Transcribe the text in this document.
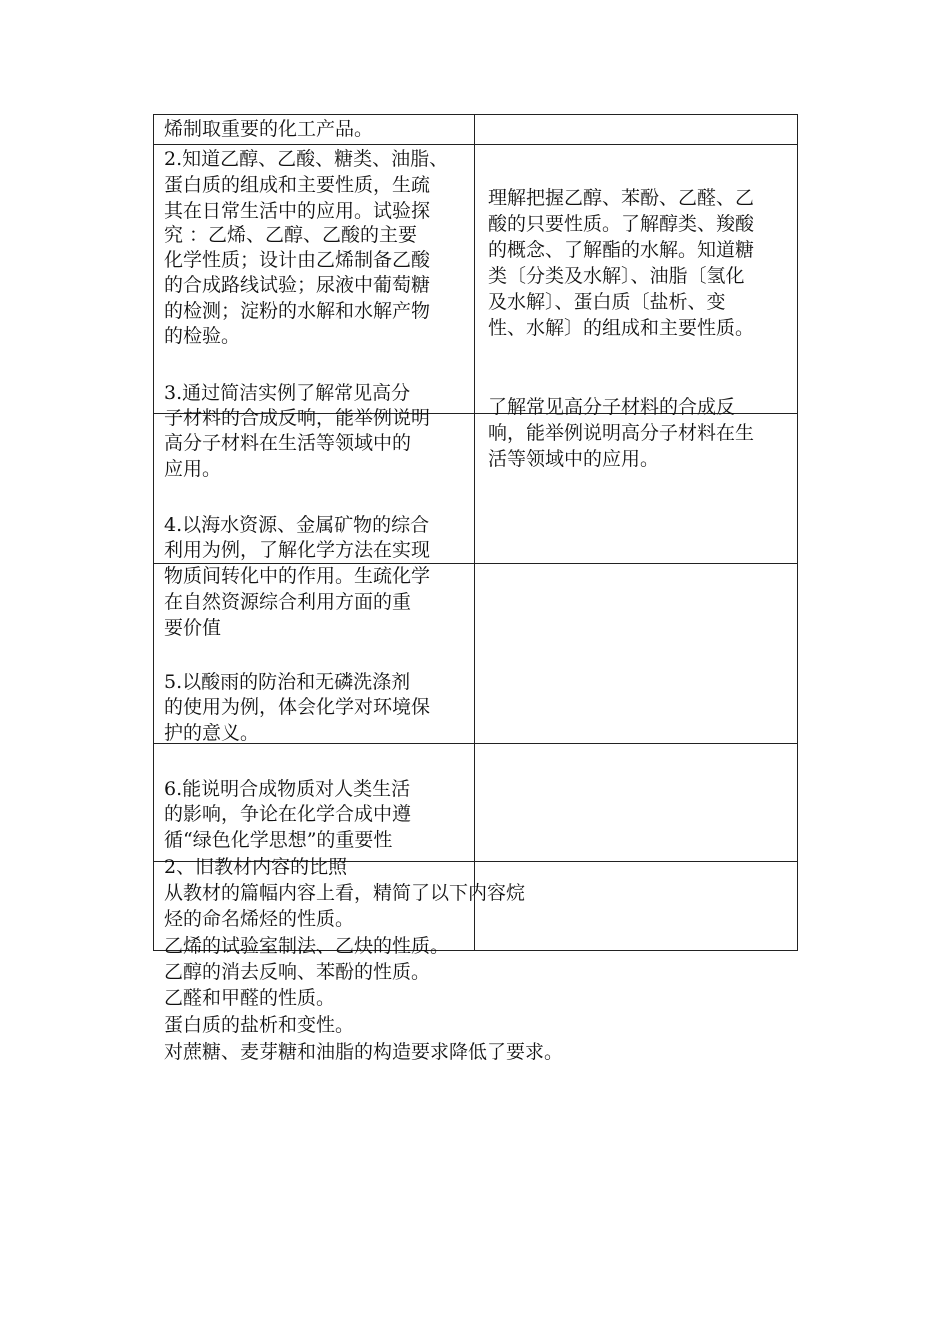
烯制取重要的化工产品。
2.知道乙醇、乙酸、糖类、油脂、
蛋白质的组成和主要性质，生疏
其在日常生活中的应用。试验探
究 ：乙烯、乙醇、乙酸的主要
化学性质；设计由乙烯制备乙酸
的合成路线试验；尿液中葡萄糖
的检测；淀粉的水解和水解产物
的检验。
3.通过简洁实例了解常见高分
子材料的合成反响，能举例说明
高分子材料在生活等领域中的
应用。
4.以海水资源、金属矿物的综合
利用为例，了解化学方法在实现
物质间转化中的作用。生疏化学
在自然资源综合利用方面的重
要价值
5.以酸雨的防治和无磷洗涤剂
的使用为例，体会化学对环境保
护的意义。
6.能说明合成物质对人类生活
的影响，争论在化学合成中遵
循“绿色化学思想”的重要性
理解把握乙醇、苯酚、乙醛、乙
酸的只要性质。了解醇类、羧酸
的概念、了解酯的水解。知道糖
类〔分类及水解〕、油脂〔氢化
及水解〕、蛋白质〔盐析、变
性、水解〕的组成和主要性质。
了解常见高分子材料的合成反
响，能举例说明高分子材料在生
活等领域中的应用。
2、旧教材内容的比照
从教材的篇幅内容上看，精简了以下内容烷
烃的命名烯烃的性质。
乙烯的试验室制法、乙炔的性质。
乙醇的消去反响、苯酚的性质。
乙醛和甲醛的性质。
蛋白质的盐析和变性。
对蔗糖、麦芽糖和油脂的构造要求降低了要求。
